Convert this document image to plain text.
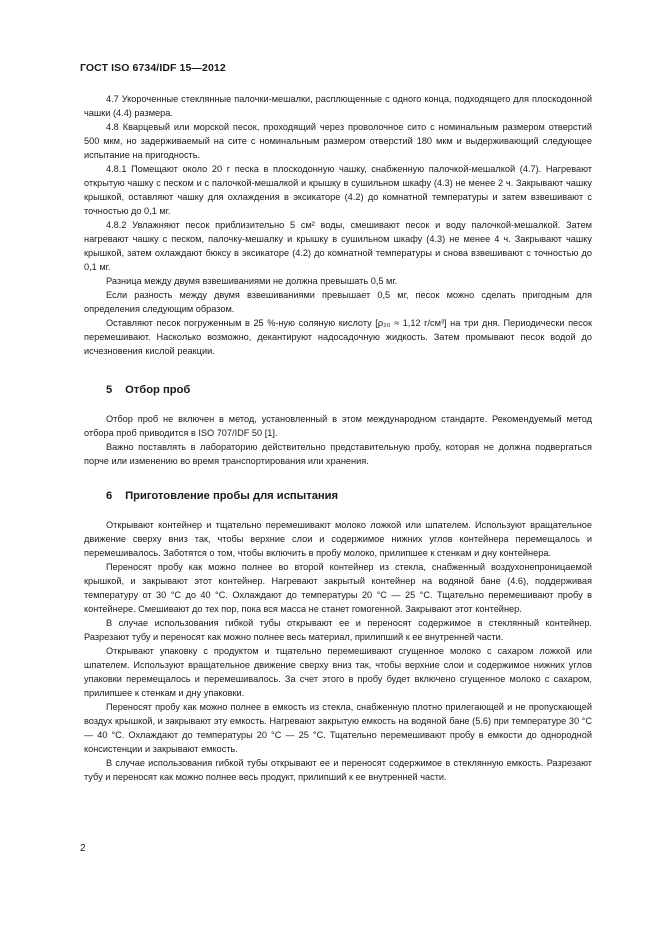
ГОСТ ISO 6734/IDF 15—2012

4.7 Укороченные стеклянные палочки-мешалки, расплющенные с одного конца, подходящего для плоскодонной чашки (4.4) размера.

4.8 Кварцевый или морской песок, проходящий через проволочное сито с номинальным размером отверстий 500 мкм, но задерживаемый на сите с номинальным размером отверстий 180 мкм и выдерживающий следующее испытание на пригодность.

4.8.1 Помещают около 20 г песка в плоскодонную чашку, снабженную палочкой-мешалкой (4.7). Нагревают открытую чашку с песком и с палочкой-мешалкой и крышку в сушильном шкафу (4.3) не менее 2 ч. Закрывают чашку крышкой, оставляют чашку для охлаждения в эксикаторе (4.2) до комнатной температуры и затем взвешивают с точностью до 0,1 мг.

4.8.2 Увлажняют песок приблизительно 5 см² воды, смешивают песок и воду палочкой-мешалкой. Затем нагревают чашку с песком, палочку-мешалку и крышку в сушильном шкафу (4.3) не менее 4 ч. Закрывают чашку крышкой, затем охлаждают бюксу в эксикаторе (4.2) до комнатной температуры и снова взвешивают с точностью до 0,1 мг.

Разница между двумя взвешиваниями не должна превышать 0,5 мг.

Если разность между двумя взвешиваниями превышает 0,5 мг, песок можно сделать пригодным для определения следующим образом.

Оставляют песок погруженным в 25 %-ную соляную кислоту [ρ₂₀ ≈ 1,12 г/см³] на три дня. Периодически песок перемешивают. Насколько возможно, декантируют надосадочную жидкость. Затем промывают песок водой до исчезновения кислой реакции.

5 Отбор проб

Отбор проб не включен в метод, установленный в этом международном стандарте. Рекомендуемый метод отбора проб приводится в ISO 707/IDF 50 [1].

Важно поставлять в лабораторию действительно представительную пробу, которая не должна подвергаться порче или изменению во время транспортирования или хранения.

6 Приготовление пробы для испытания

Открывают контейнер и тщательно перемешивают молоко ложкой или шпателем. Используют вращательное движение сверху вниз так, чтобы верхние слои и содержимое нижних углов контейнера перемещалось и перемешивалось. Заботятся о том, чтобы включить в пробу молоко, прилипшее к стенкам и дну контейнера.

Переносят пробу как можно полнее во второй контейнер из стекла, снабженный воздухонепроницаемой крышкой, и закрывают этот контейнер. Нагревают закрытый контейнер на водяной бане (4.6), поддерживая температуру от 30 °С до 40 °С. Охлаждают до температуры 20 °С — 25 °С. Тщательно перемешивают пробу в контейнере. Смешивают до тех пор, пока вся масса не станет гомогенной. Закрывают этот контейнер.

В случае использования гибкой тубы открывают ее и переносят содержимое в стеклянный контейнер. Разрезают тубу и переносят как можно полнее весь материал, прилипший к ее внутренней части.

Открывают упаковку с продуктом и тщательно перемешивают сгущенное молоко с сахаром ложкой или шпателем. Используют вращательное движение сверху вниз так, чтобы верхние слои и содержимое нижних углов упаковки перемещалось и перемешивалось. За счет этого в пробу будет включено сгущенное молоко с сахаром, прилипшее к стенкам и дну упаковки.

Переносят пробу как можно полнее в емкость из стекла, снабженную плотно прилегающей и не пропускающей воздух крышкой, и закрывают эту емкость. Нагревают закрытую емкость на водяной бане (5.6) при температуре 30 °С — 40 °С. Охлаждают до температуры 20 °С — 25 °С. Тщательно перемешивают пробу в емкости до однородной консистенции и закрывают емкость.

В случае использования гибкой тубы открывают ее и переносят содержимое в стеклянную емкость. Разрезают тубу и переносят как можно полнее весь продукт, прилипший к ее внутренней части.

2
